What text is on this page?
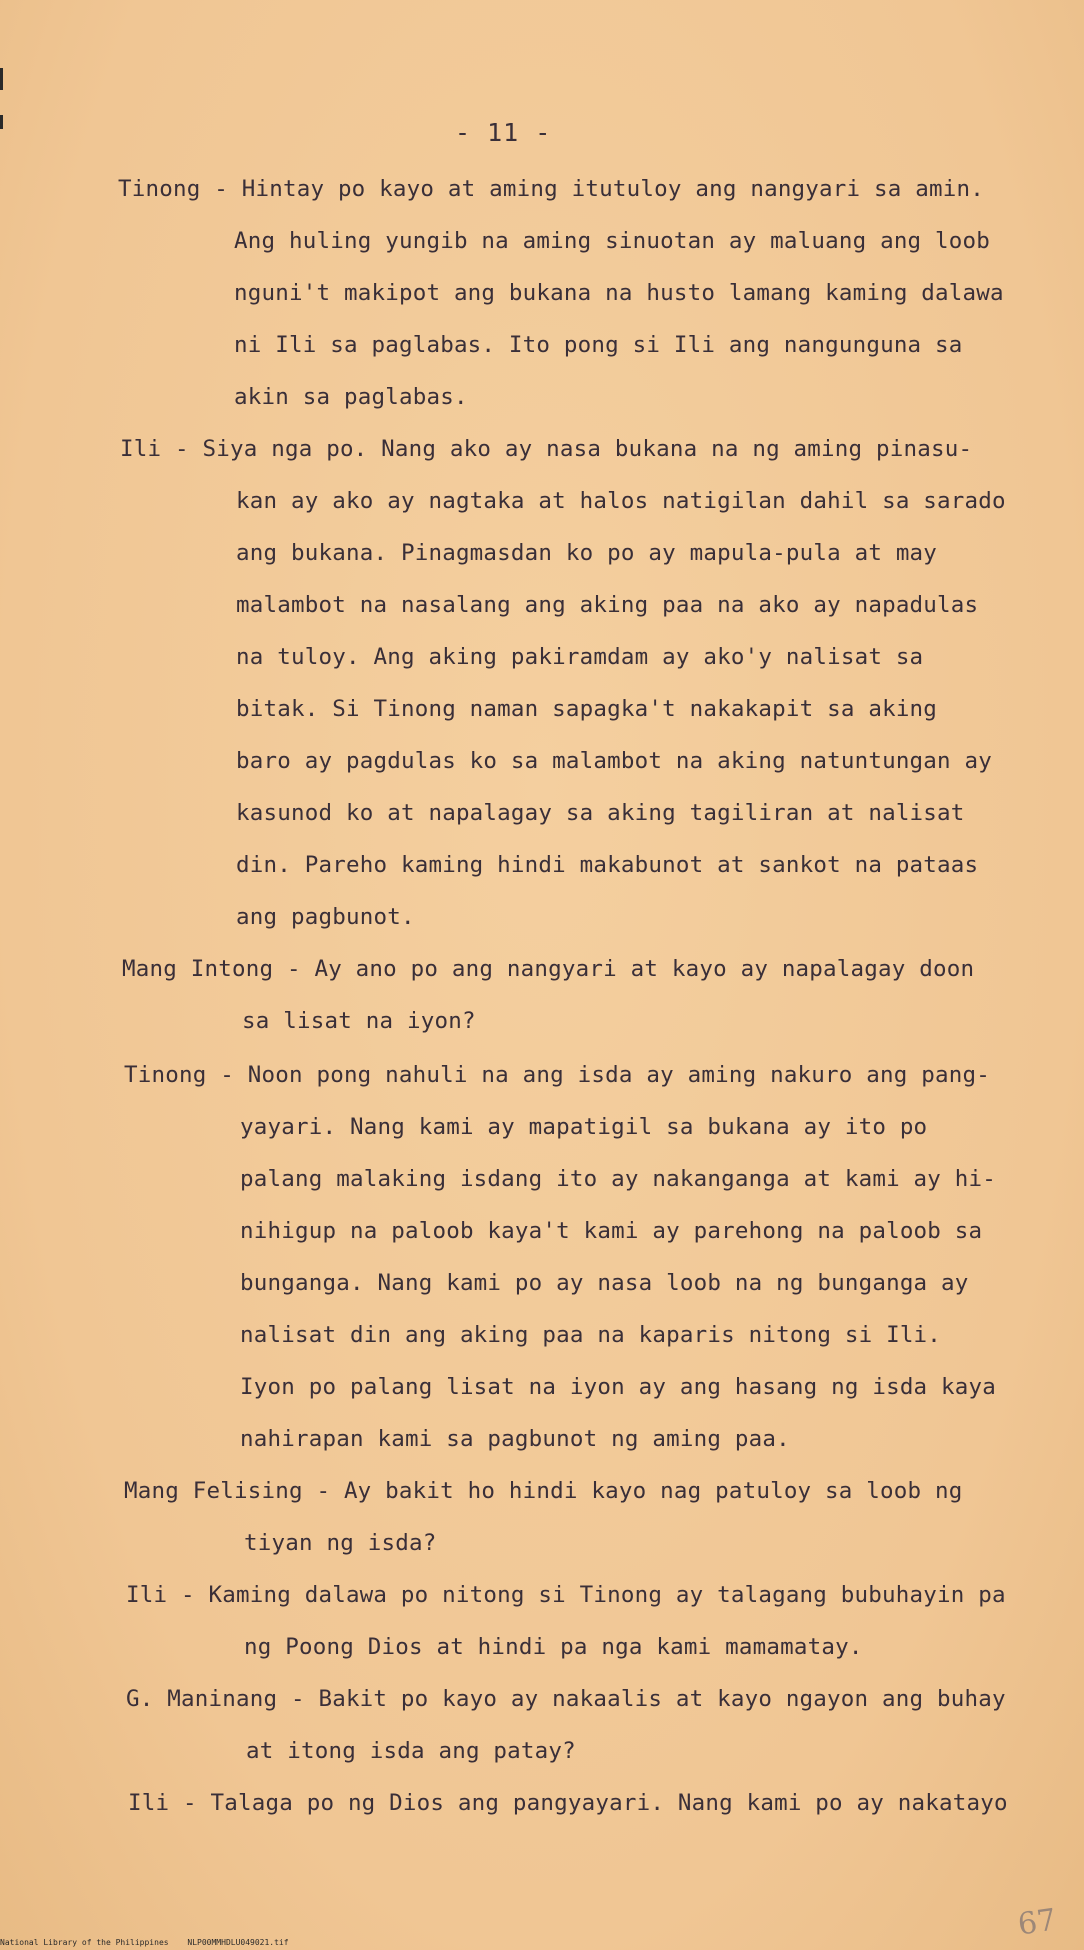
- 11 -
Tinong - Hintay po kayo at aming itutuloy ang nangyari sa amin.
Ang huling yungib na aming sinuotan ay maluang ang loob
nguni't makipot ang bukana na husto lamang kaming dalawa
ni Ili sa paglabas. Ito pong si Ili ang nangunguna sa
akin sa paglabas.
Ili - Siya nga po. Nang ako ay nasa bukana na ng aming pinasu-
kan ay ako ay nagtaka at halos natigilan dahil sa sarado
ang bukana. Pinagmasdan ko po ay mapula-pula at may
malambot na nasalang ang aking paa na ako ay napadulas
na tuloy. Ang aking pakiramdam ay ako'y nalisat sa
bitak. Si Tinong naman sapagka't nakakapit sa aking
baro ay pagdulas ko sa malambot na aking natuntungan ay
kasunod ko at napalagay sa aking tagiliran at nalisat
din. Pareho kaming hindi makabunot at sankot na pataas
ang pagbunot.
Mang Intong - Ay ano po ang nangyari at kayo ay napalagay doon
sa lisat na iyon?
Tinong - Noon pong nahuli na ang isda ay aming nakuro ang pang-
yayari. Nang kami ay mapatigil sa bukana ay ito po
palang malaking isdang ito ay nakanganga at kami ay hi-
nihigup na paloob kaya't kami ay parehong na paloob sa
bunganga. Nang kami po ay nasa loob na ng bunganga ay
nalisat din ang aking paa na kaparis nitong si Ili.
Iyon po palang lisat na iyon ay ang hasang ng isda kaya
nahirapan kami sa pagbunot ng aming paa.
Mang Felising - Ay bakit ho hindi kayo nag patuloy sa loob ng
tiyan ng isda?
Ili - Kaming dalawa po nitong si Tinong ay talagang bubuhayin pa
ng Poong Dios at hindi pa nga kami mamamatay.
G. Maninang - Bakit po kayo ay nakaalis at kayo ngayon ang buhay
at itong isda ang patay?
Ili - Talaga po ng Dios ang pangyayari. Nang kami po ay nakatayo
67
National Library of the Philippines NLP00MMHDLU049021.tif
